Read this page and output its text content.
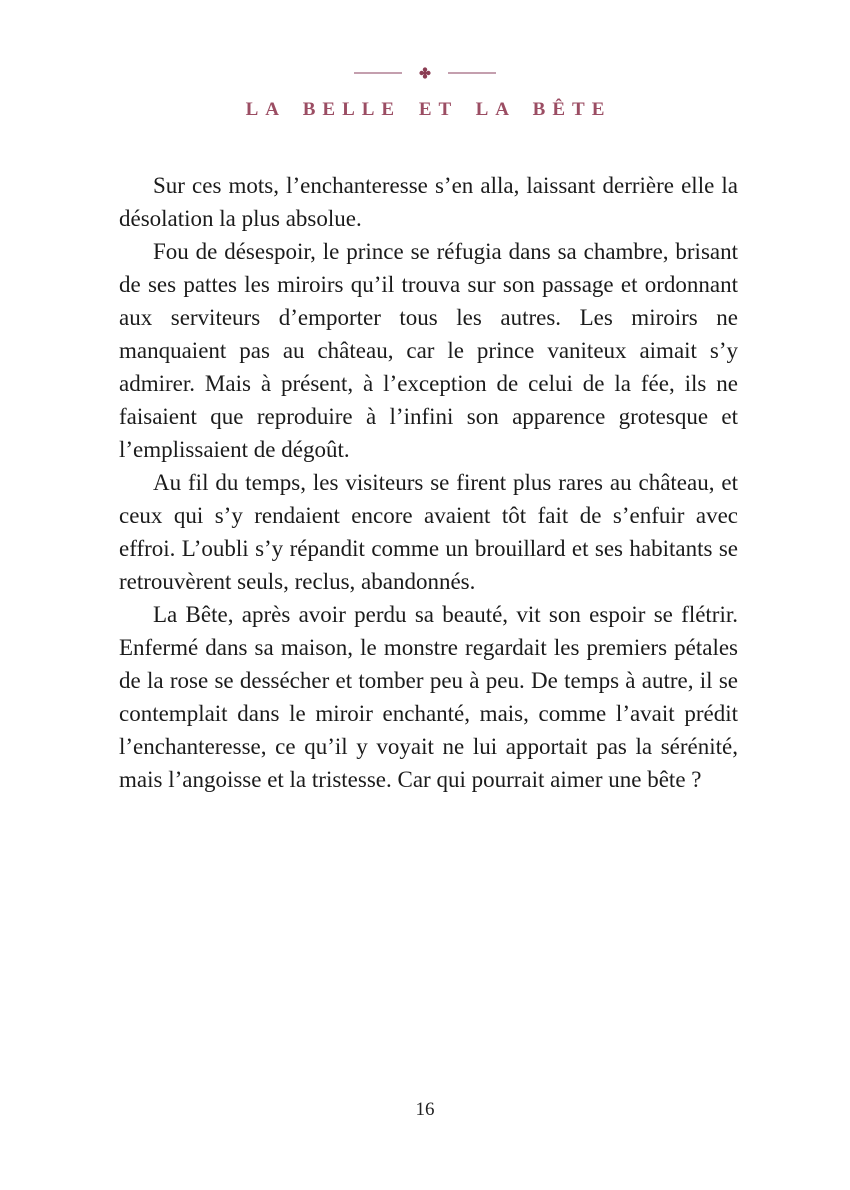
LA BELLE ET LA BÊTE

Sur ces mots, l’enchanteresse s’en alla, laissant derrière elle la désolation la plus absolue.

Fou de désespoir, le prince se réfugia dans sa chambre, brisant de ses pattes les miroirs qu’il trouva sur son passage et ordonnant aux serviteurs d’emporter tous les autres. Les miroirs ne manquaient pas au château, car le prince vaniteux aimait s’y admirer. Mais à présent, à l’exception de celui de la fée, ils ne faisaient que reproduire à l’infini son apparence grotesque et l’emplissaient de dégoût.

Au fil du temps, les visiteurs se firent plus rares au château, et ceux qui s’y rendaient encore avaient tôt fait de s’enfuir avec effroi. L’oubli s’y répandit comme un brouillard et ses habitants se retrouvèrent seuls, reclus, abandonnés.

La Bête, après avoir perdu sa beauté, vit son espoir se flétrir. Enfermé dans sa maison, le monstre regardait les premiers pétales de la rose se dessécher et tomber peu à peu. De temps à autre, il se contemplait dans le miroir enchanté, mais, comme l’avait prédit l’enchanteresse, ce qu’il y voyait ne lui apportait pas la sérénité, mais l’angoisse et la tristesse. Car qui pourrait aimer une bête ?

16
